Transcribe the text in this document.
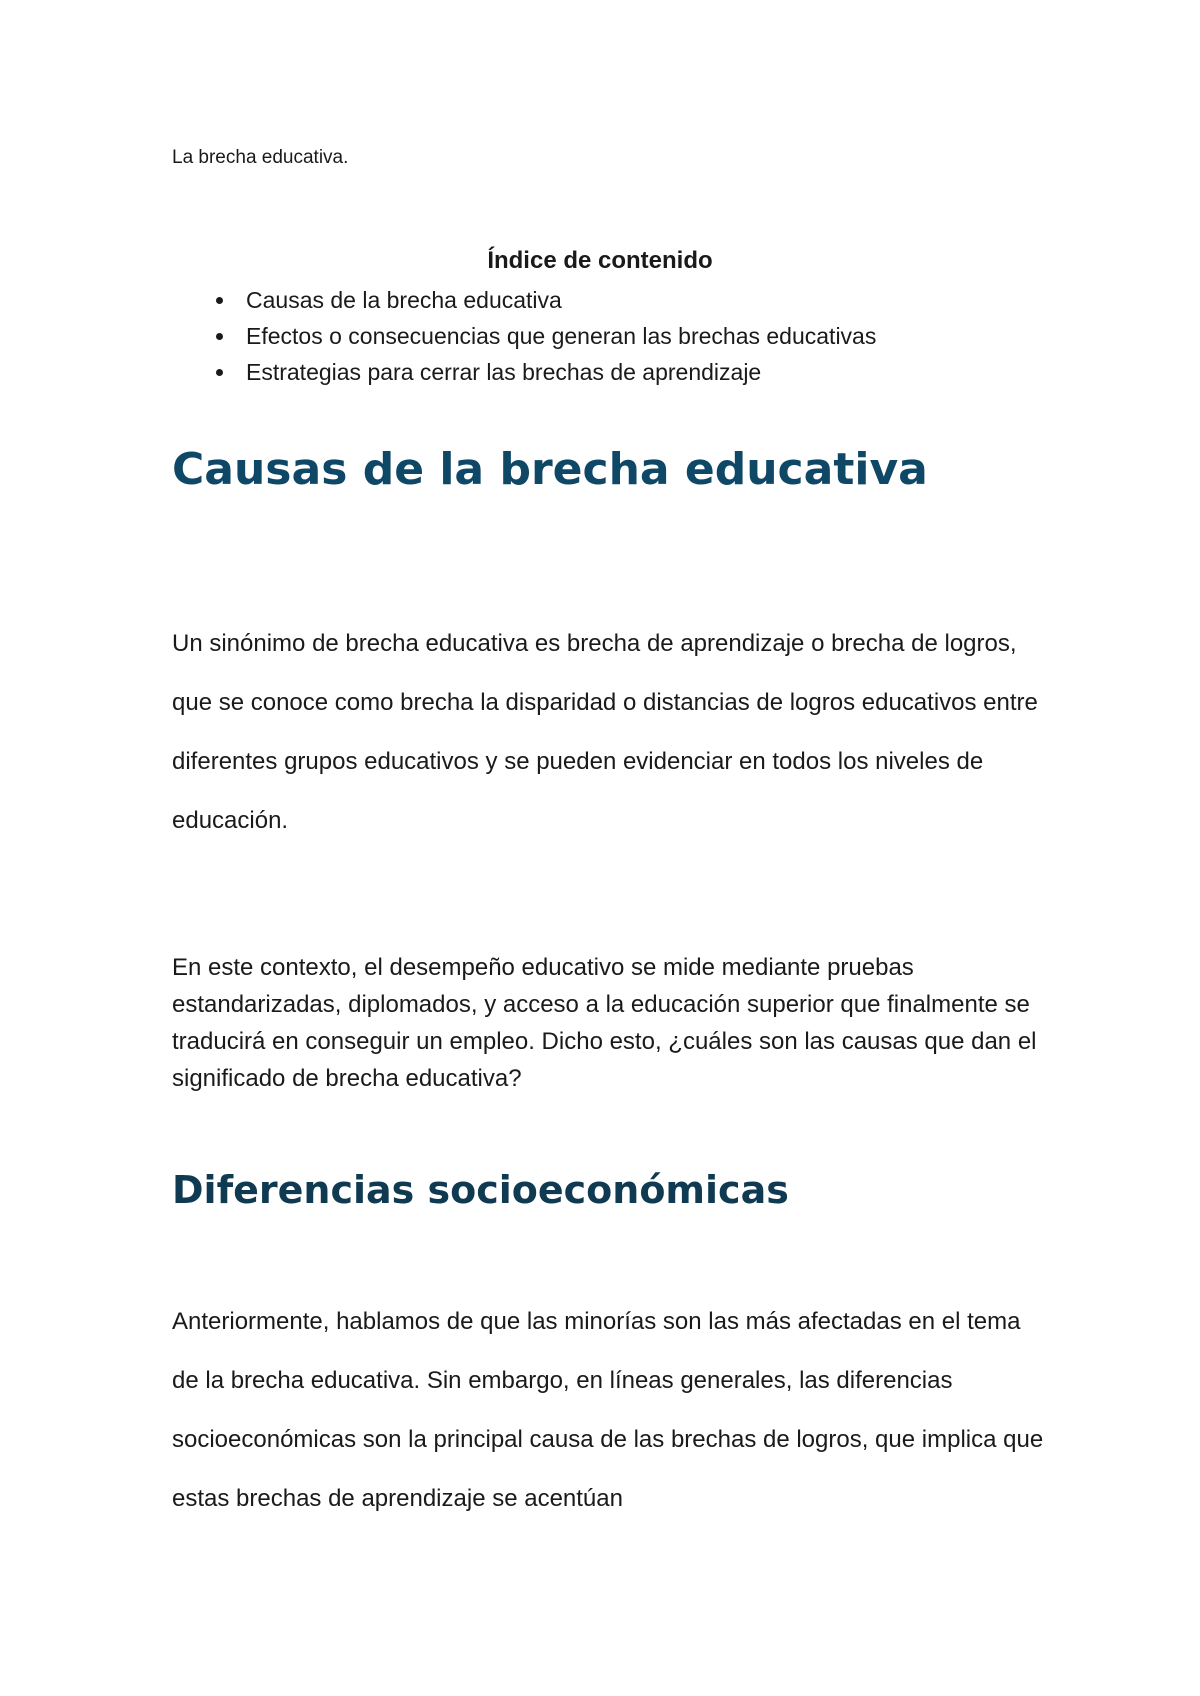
La brecha educativa.

Índice de contenido

Causas de la brecha educativa
Efectos o consecuencias que generan las brechas educativas
Estrategias para cerrar las brechas de aprendizaje
Causas de la brecha educativa

Un sinónimo de brecha educativa es brecha de aprendizaje o brecha de logros, que se conoce como brecha la disparidad o distancias de logros educativos entre diferentes grupos educativos y se pueden evidenciar en todos los niveles de educación.

En este contexto, el desempeño educativo se mide mediante pruebas estandarizadas, diplomados, y acceso a la educación superior que finalmente se traducirá en conseguir un empleo. Dicho esto, ¿cuáles son las causas que dan el significado de brecha educativa?

Diferencias socioeconómicas

Anteriormente, hablamos de que las minorías son las más afectadas en el tema de la brecha educativa. Sin embargo, en líneas generales, las diferencias socioeconómicas son la principal causa de las brechas de logros, que implica que estas brechas de aprendizaje se acentúan
